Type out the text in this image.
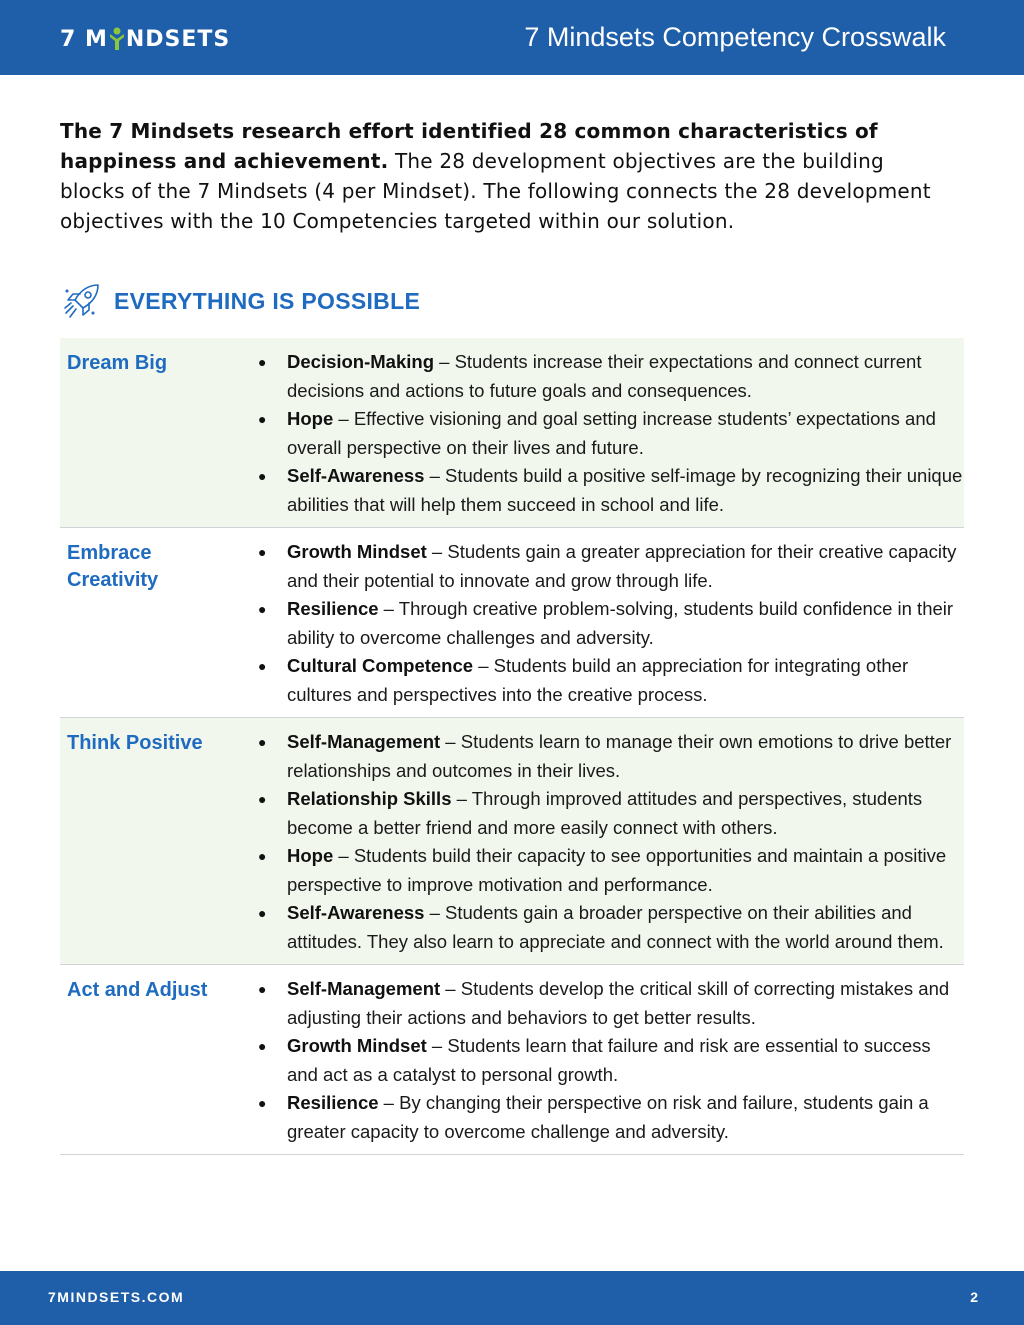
7 M NDSETS	7 Mindsets Competency Crosswalk

The 7 Mindsets research effort identified 28 common characteristics of happiness and achievement. The 28 development objectives are the building blocks of the 7 Mindsets (4 per Mindset). The following connects the 28 development objectives with the 10 Competencies targeted within our solution.

EVERYTHING IS POSSIBLE
Dream Big	● Decision-Making – Students increase their expectations and connect current decisions and actions to future goals and consequences.
● Hope – Effective visioning and goal setting increase students’ expectations and overall perspective on their lives and future.
● Self-Awareness – Students build a positive self-image by recognizing their unique abilities that will help them succeed in school and life.
Embrace Creativity
● Growth Mindset – Students gain a greater appreciation for their creative capacity and their potential to innovate and grow through life.
● Resilience – Through creative problem-solving, students build confidence in their ability to overcome challenges and adversity.
● Cultural Competence – Students build an appreciation for integrating other cultures and perspectives into the creative process.
Think Positive	● Self-Management – Students learn to manage their own emotions to drive better relationships and outcomes in their lives.
● Relationship Skills – Through improved attitudes and perspectives, students become a better friend and more easily connect with others.
● Hope – Students build their capacity to see opportunities and maintain a positive perspective to improve motivation and performance.
● Self-Awareness – Students gain a broader perspective on their abilities and attitudes. They also learn to appreciate and connect with the world around them.
Act and Adjust	● Self-Management – Students develop the critical skill of correcting mistakes and adjusting their actions and behaviors to get better results.
● Growth Mindset – Students learn that failure and risk are essential to success and act as a catalyst to personal growth.
● Resilience – By changing their perspective on risk and failure, students gain a greater capacity to overcome challenge and adversity.
7MINDSETS.COM	2
